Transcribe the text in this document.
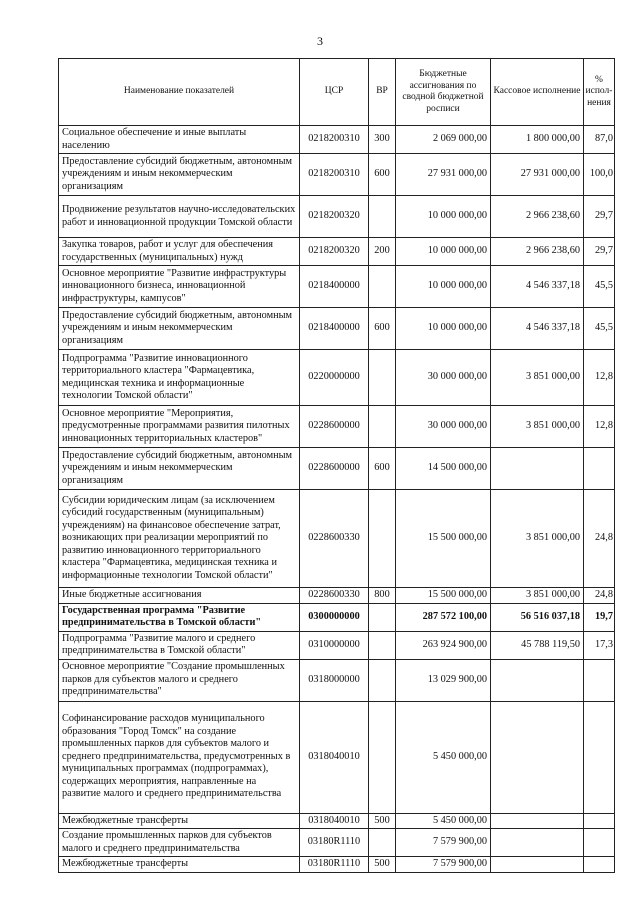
3
Наименование показателей	ЦСР	ВР	Бюджетные ассигнования по сводной бюджетной росписи	Кассовое исполнение	% испол-нения
Социальное обеспечение и иные выплаты населению	0218200310	300	2 069 000,00	1 800 000,00	87,0
Предоставление субсидий бюджетным, автономным учреждениям и иным некоммерческим организациям	0218200310	600	27 931 000,00	27 931 000,00	100,0
Продвижение результатов научно-исследовательских работ и инновационной продукции Томской области	0218200320		10 000 000,00	2 966 238,60	29,7
Закупка товаров, работ и услуг для обеспечения государственных (муниципальных) нужд	0218200320	200	10 000 000,00	2 966 238,60	29,7
Основное мероприятие "Развитие инфраструктуры инновационного бизнеса, инновационной инфраструктуры, кампусов"	0218400000		10 000 000,00	4 546 337,18	45,5
Предоставление субсидий бюджетным, автономным учреждениям и иным некоммерческим организациям	0218400000	600	10 000 000,00	4 546 337,18	45,5
Подпрограмма "Развитие инновационного территориального кластера "Фармацевтика, медицинская техника и информационные технологии Томской области"	0220000000		30 000 000,00	3 851 000,00	12,8
Основное мероприятие "Мероприятия, предусмотренные программами развития пилотных инновационных территориальных кластеров"	0228600000		30 000 000,00	3 851 000,00	12,8
Предоставление субсидий бюджетным, автономным учреждениям и иным некоммерческим организациям	0228600000	600	14 500 000,00		
Субсидии юридическим лицам (за исключением субсидий государственным (муниципальным) учреждениям) на финансовое обеспечение затрат, возникающих при реализации мероприятий по развитию инновационного территориального кластера "Фармацевтика, медицинская техника и информационные технологии Томской области"	0228600330		15 500 000,00	3 851 000,00	24,8
Иные бюджетные ассигнования	0228600330	800	15 500 000,00	3 851 000,00	24,8
Государственная программа "Развитие предпринимательства в Томской области"	0300000000		287 572 100,00	56 516 037,18	19,7
Подпрограмма "Развитие малого и среднего предпринимательства в Томской области"	0310000000		263 924 900,00	45 788 119,50	17,3
Основное мероприятие "Создание промышленных парков для субъектов малого и среднего предпринимательства"	0318000000		13 029 900,00		
Софинансирование расходов муниципального образования "Город Томск" на создание промышленных парков для субъектов малого и среднего предпринимательства, предусмотренных в муниципальных программах (подпрограммах), содержащих мероприятия, направленные на развитие малого и среднего предпринимательства	0318040010		5 450 000,00		
Межбюджетные трансферты	0318040010	500	5 450 000,00		
Создание промышленных парков для субъектов малого и среднего предпринимательства	03180R1110		7 579 900,00		
Межбюджетные трансферты	03180R1110	500	7 579 900,00		
